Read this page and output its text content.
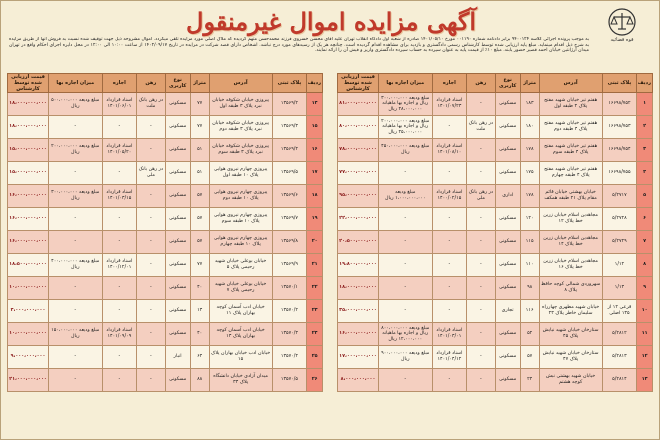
قوه قضائیه
آگهی مزایده اموال غیرمنقول
به موجب پرونده اجرائی کلاسه ۹۴۰۰۱۲۴ برابر دادنامه شماره ۰۰۱۱۹۰ مورخ ۱۴۰۱/۰۵/۱۰ صادره از شعبه اول دادگاه انقلاب تهران علیه آقای محسن خسروی فرزند محمدحسن متهم گردیده که ملاک اصلی مورد مزایده تلقی میگردد. اموال مشروحه ذیل جهت توقیف شده نسبت به فروش آنها از طریق مزایده به شرح ذیل اقدام مینماید. مبلغ پایه ارزیابی شده توسط کارشناس رسمی دادگستری و بازدید برای مشاهده اقدام گردیده است. چنانچه هر یک از رسیدهای مورد درج نباشد. اشخاص دارای قصد شرکت در مزایده در تاریخ ۱۴۰۲/۰۹/۱۷ از ساعت ۱۰:۰۰ الی ۱۲:۰۰ در محل دایره اجرای احکام واقع در تهران میدان آرژانتین خیابان احمد قصیر حضور یابند. مبلغ ۱۰٪ از قیمت پایه به عنوان سپرده به حساب سپرده دادگستری واریز و فیش آن را ارائه نمایند.
ردیف	پلاک ثبتی	آدرس	متراژ	نوع کاربری	رهن	اجاره	میزان اجاره بها	قیمت ارزیابی شده توسط کارشناس
۱	۱۶۶۹۸/۷۵۲	هفتم تیر خیابان شهید مفتح پلاک ۴ طبقه اول	۱۸۳	مسکونی	-	اسناد قرارداد ۱۴۰۱/۰۷/۲۳	مبلغ ودیعه ۳۰۰،۰۰۰،۰۰۰ ریال و اجاره بها ماهیانه ۲۸،۰۰۰،۰۰۰ ریال	۸۱،۰۰۰،۰۰۰،۰۰۰
۲	۱۶۶۹۸/۷۵۳	هفتم تیر خیابان شهید مفتح پلاک ۴ طبقه دوم	۱۸۰	مسکونی	در رهن بانک ملت	-	مبلغ ودیعه ۲۰۰،۰۰۰،۰۰۰ ریال و اجاره بها ماهیانه ۲۵،۰۰۰،۰۰۰ ریال	۸۰،۰۰۰،۰۰۰،۰۰۰
۳	۱۶۶۹۸/۷۵۴	هفتم تیر خیابان شهید مفتح پلاک ۴ طبقه سوم	۱۷۸	مسکونی	-	اسناد قرارداد ۱۴۰۱/۰۸/۱۰	مبلغ ودیعه ۴۵۰،۰۰۰،۰۰۰ ریال	۷۸،۰۰۰،۰۰۰،۰۰۰
۴	۱۶۶۹۸/۷۵۵	هفتم تیر خیابان شهید مفتح پلاک ۴ طبقه چهارم	۱۷۵	مسکونی	-	-	-	۷۷،۰۰۰،۰۰۰،۰۰۰
۵	۵/۲۷۱۷	خیابان بهشتی خیابان قائم مقام پلاک ۲۱ طبقه همکف	۱۷۸	اداری	در رهن بانک ملی	اسناد قرارداد ۱۴۰۰/۰۲/۱۵	مبلغ ودیعه ۱،۰۰۰،۰۰۰،۰۰۰ ریال	۹۵،۰۰۰،۰۰۰،۰۰۰
۶	۵/۲۷۲۸	مجاهدین اسلام خیابان زرین خط پلاک ۱۲	۱۲۰	مسکونی	-	-	-	۲۲،۰۰۰،۰۰۰،۰۰۰
۷	۵/۲۷۲۹	مجاهدین اسلام خیابان زرین خط پلاک ۱۴	۱۱۵	مسکونی	-	-	-	۲۰،۵۰۰،۰۰۰،۰۰۰
۸	۱/۱۲	مجاهدین اسلام خیابان زرین خط پلاک ۱۶	۱۱۰	مسکونی	-	-	-	۱۹،۸۰۰،۰۰۰،۰۰۰
۹	۱/۱۳	سهروردی شمالی کوچه حافظ پلاک ۸	۹۸	مسکونی	-	-	-	۱۸،۰۰۰،۰۰۰،۰۰۰
۱۰	قرعی ۱۲ از ۱۳۵ اصلی	خیابان شهید مطهری چهارراه سلیمان خاطر پلاک ۲۳	۱۱۶	تجاری	-	-	-	۳۵،۰۰۰،۰۰۰،۰۰۰
۱۱	۵/۲۸۱۲	ستارخان خیابان شهید نیایش پلاک ۴۵	۵۲	مسکونی	-	اسناد قرارداد ۱۴۰۱/۰۳/۰۱	مبلغ ودیعه ۸۰۰،۰۰۰،۰۰۰ ریال و اجاره بها ماهیانه ۱۲،۰۰۰،۰۰۰ ریال	۱۶،۰۰۰،۰۰۰،۰۰۰
۱۲	۵/۲۸۱۳	ستارخان خیابان شهید نیایش پلاک ۴۷	۵۷	مسکونی	-	اسناد قرارداد ۱۴۰۱/۰۴/۱۲	مبلغ ودیعه ۹۰۰،۰۰۰،۰۰۰ ریال	۱۷،۰۰۰،۰۰۰،۰۰۰
۱۳	۵/۲۸۱۴	خیابان شهید بهشتی نبش کوچه هشتم	۲۴	مسکونی	-	-	-	۸،۰۰۰،۰۰۰،۰۰۰
ردیف	پلاک ثبتی	آدرس	متراژ	نوع کاربری	رهن	اجاره	میزان اجاره بها	قیمت ارزیابی شده توسط کارشناس
۱۴	۱۳۵۶۹/۲	پیروزی خیابان شکوفه خیابان نبرد پلاک ۳ طبقه اول	۷۷	مسکونی	در رهن بانک ملت	اسناد قرارداد ۱۴۰۱/۰۶/۰۱	مبلغ ودیعه ۵۰۰،۰۰۰،۰۰۰ ریال	۱۸،۰۰۰،۰۰۰،۰۰۰
۱۵	۱۳۵۶۹/۳	پیروزی خیابان شکوفه خیابان نبرد پلاک ۳ طبقه دوم	۷۷	مسکونی	-	-	-	۱۸،۰۰۰،۰۰۰،۰۰۰
۱۶	۱۳۵۶۹/۴	پیروزی خیابان شکوفه خیابان نبرد پلاک ۳ طبقه سوم	۵۱	مسکونی	-	اسناد قرارداد ۱۴۰۱/۰۵/۲۰	مبلغ ودیعه ۲۰۰،۰۰۰،۰۰۰ ریال	۱۵،۰۰۰،۰۰۰،۰۰۰
۱۷	۱۳۵۶۹/۵	پیروزی چهارم نیروی هوایی پلاک ۱۰ طبقه اول	۵۱	مسکونی	در رهن بانک ملی	-	-	۱۵،۰۰۰،۰۰۰،۰۰۰
۱۸	۱۳۵۶۹/۶	پیروزی چهارم نیروی هوایی پلاک ۱۰ طبقه دوم	۵۷	مسکونی	-	اسناد قرارداد ۱۴۰۱/۰۳/۱۵	مبلغ ودیعه ۳۰۰،۰۰۰،۰۰۰ ریال	۱۶،۰۰۰،۰۰۰،۰۰۰
۱۹	۱۳۵۶۹/۷	پیروزی چهارم نیروی هوایی پلاک ۱۰ طبقه سوم	۵۷	مسکونی	-	-	-	۱۶،۰۰۰،۰۰۰،۰۰۰
۲۰	۱۳۵۶۹/۸	پیروزی چهارم نیروی هوایی پلاک ۱۰ طبقه چهارم	۵۷	مسکونی	-	-	-	۱۶،۰۰۰،۰۰۰،۰۰۰
۲۱	۱۳۵۶۹/۹	خیابان بوعلی خیابان شهید رحیمی پلاک ۵	۷۷	مسکونی	-	اسناد قرارداد ۱۴۰۰/۱۲/۰۱	مبلغ ودیعه ۴۰۰،۰۰۰،۰۰۰ ریال	۱۸،۵۰۰،۰۰۰،۰۰۰
۲۲	۱۳۵۷۰/۱	خیابان بوعلی خیابان شهید رحیمی پلاک ۷	۴۰	مسکونی	-	-	-	۱۰،۰۰۰،۰۰۰،۰۰۰
۲۳	۱۳۵۷۰/۲	خیابان ادب آسمان کوچه بهاران پلاک ۱۱	۱۳	مسکونی	-	-	-	۴،۰۰۰،۰۰۰،۰۰۰
۲۴	۱۳۵۷۰/۳	خیابان ادب آسمان کوچه بهاران پلاک ۱۳	۴۰	مسکونی	-	اسناد قرارداد ۱۴۰۱/۰۹/۰۹	مبلغ ودیعه ۱۵۰،۰۰۰،۰۰۰ ریال	۱۰،۰۰۰،۰۰۰،۰۰۰
۲۵	۱۳۵۷۰/۴	خیابان ادب خیابان بهاران پلاک ۱۵	۶۴	انبار	-	-	-	۹،۰۰۰،۰۰۰،۰۰۰
۲۶	۱۳۵۷۰/۵	میدان آزادی خیابان دانشگاه پلاک ۳۳	۸۸	مسکونی	-	-	-	۲۱،۰۰۰،۰۰۰،۰۰۰
